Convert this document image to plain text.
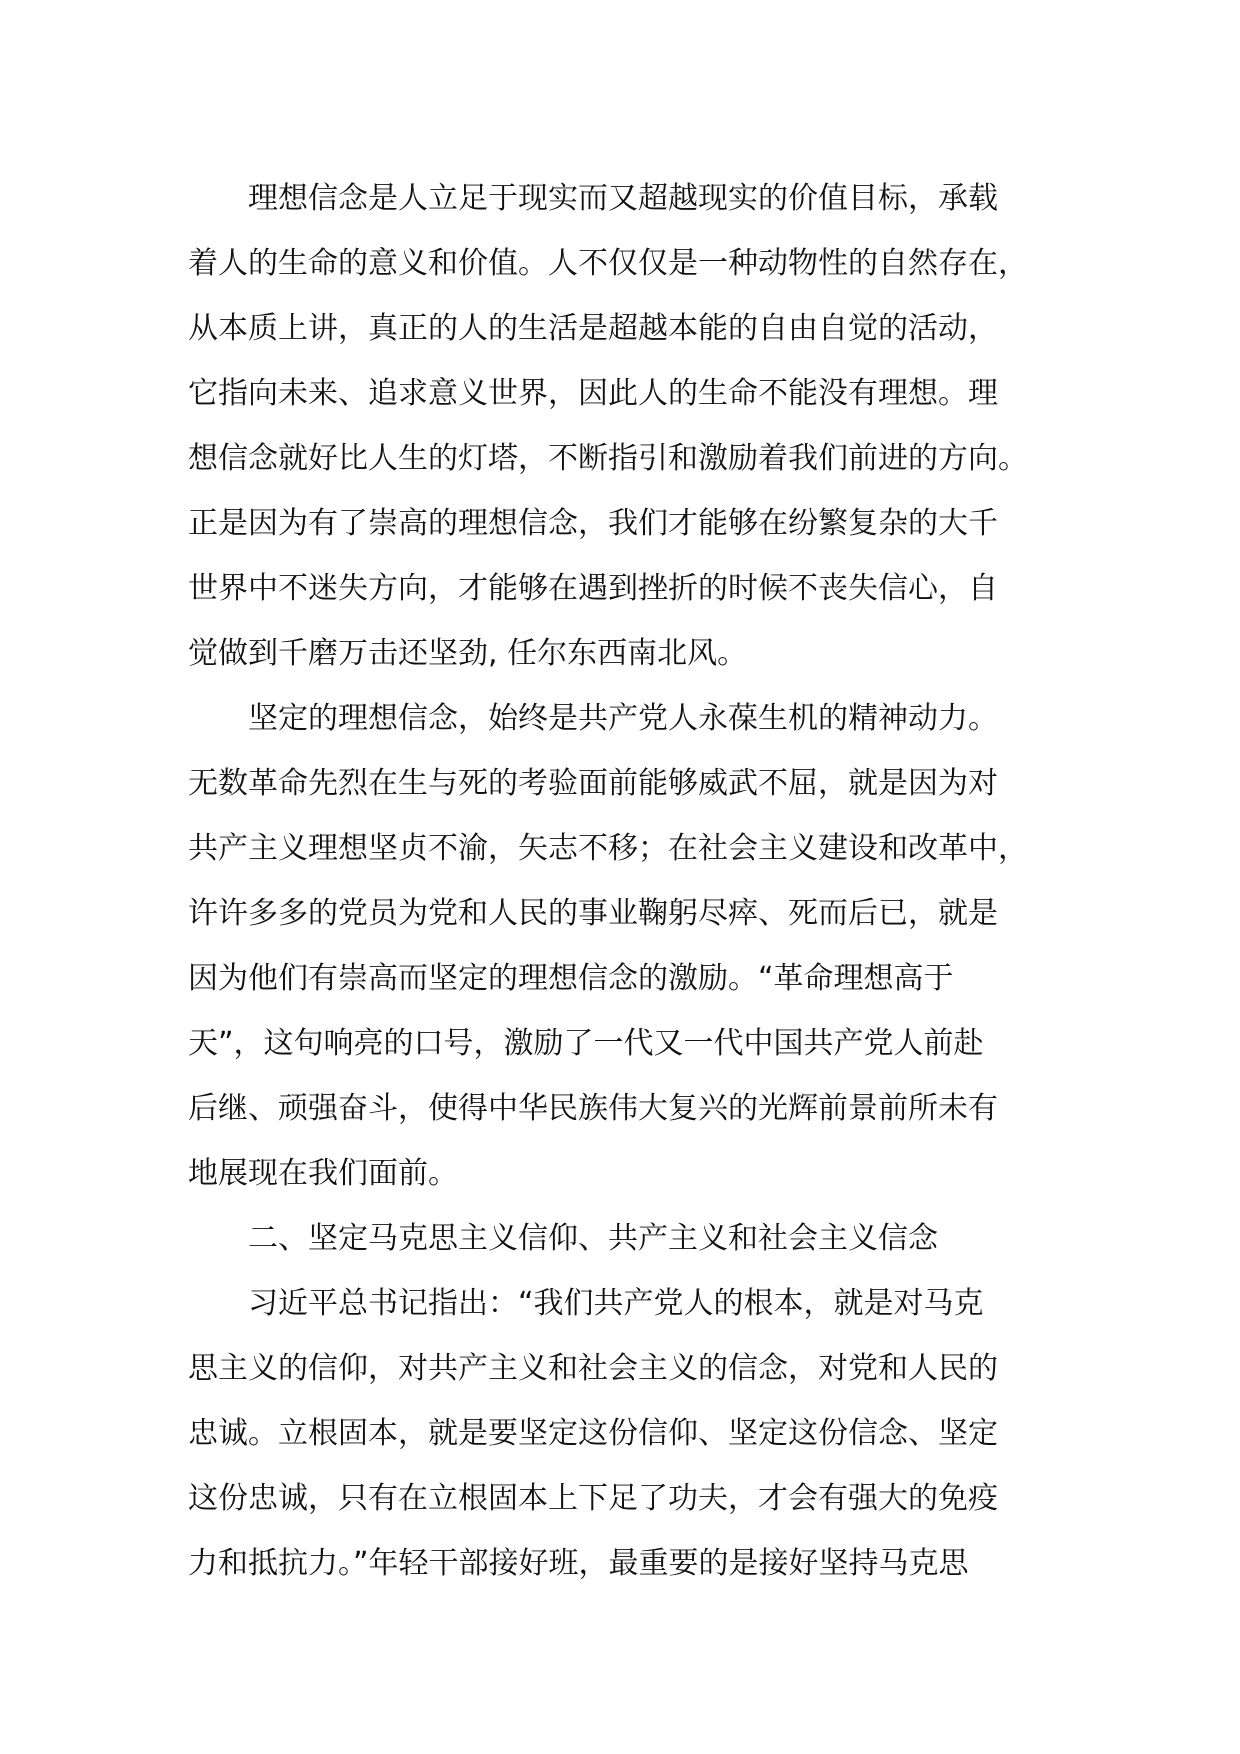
理想信念是人立足于现实而又超越现实的价值目标，承载
着人的生命的意义和价值。人不仅仅是一种动物性的自然存在，
从本质上讲，真正的人的生活是超越本能的自由自觉的活动，
它指向未来、追求意义世界，因此人的生命不能没有理想。理
想信念就好比人生的灯塔，不断指引和激励着我们前进的方向。
正是因为有了崇高的理想信念，我们才能够在纷繁复杂的大千
世界中不迷失方向，才能够在遇到挫折的时候不丧失信心，自
觉做到千磨万击还坚劲, 任尔东西南北风。
坚定的理想信念，始终是共产党人永葆生机的精神动力。
无数革命先烈在生与死的考验面前能够威武不屈，就是因为对
共产主义理想坚贞不渝，矢志不移；在社会主义建设和改革中，
许许多多的党员为党和人民的事业鞠躬尽瘁、死而后已，就是
因为他们有崇高而坚定的理想信念的激励。“革命理想高于
天”，这句响亮的口号，激励了一代又一代中国共产党人前赴
后继、顽强奋斗，使得中华民族伟大复兴的光辉前景前所未有
地展现在我们面前。
二、坚定马克思主义信仰、共产主义和社会主义信念
习近平总书记指出：“我们共产党人的根本，就是对马克
思主义的信仰，对共产主义和社会主义的信念，对党和人民的
忠诚。立根固本，就是要坚定这份信仰、坚定这份信念、坚定
这份忠诚，只有在立根固本上下足了功夫，才会有强大的免疫
力和抵抗力。”年轻干部接好班，最重要的是接好坚持马克思
